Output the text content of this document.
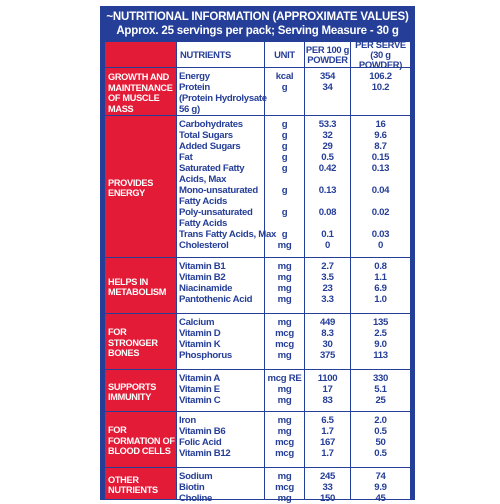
~NUTRITIONAL INFORMATION (APPROXIMATE VALUES)
Approx. 25 servings per pack; Serving Measure - 30 g
NUTRIENTS	UNIT	PER 100 g POWDER
PER SERVE (30 g POWDER)
GROWTH AND MAINTENANCE OF MUSCLE MASS
Energy
Protein
(Protein Hydrolysate
56 g)
kcal
g

354
34

106.2
10.2

PROVIDES ENERGY
Carbohydrates
Total Sugars
Added Sugars
Fat
Saturated Fatty
Acids, Max
Mono-unsaturated
Fatty Acids
Poly-unsaturated
Fatty Acids
Trans Fatty Acids, Max
Cholesterol
g
g
g
g
g

g

g

g
mg
53.3
32
29
0.5
0.42

0.13

0.08

0.1
0
16
9.6
8.7
0.15
0.13

0.04

0.02

0.03
0
HELPS IN METABOLISM
Vitamin B1
Vitamin B2
Niacinamide
Pantothenic Acid
mg
mg
mg
mg
2.7
3.5
23
3.3
0.8
1.1
6.9
1.0
FOR STRONGER BONES
Calcium
Vitamin D
Vitamin K
Phosphorus
mg
mcg
mcg
mg
449
8.3
30
375
135
2.5
9.0
113
SUPPORTS IMMUNITY
Vitamin A
Vitamin E
Vitamin C
mcg RE
mg
mg
1100
17
83
330
5.1
25
FOR FORMATION OF BLOOD CELLS
Iron
Vitamin B6
Folic Acid
Vitamin B12
mg
mg
mcg
mcg
6.5
1.7
167
1.7
2.0
0.5
50
0.5
OTHER NUTRIENTS
Sodium
Biotin
Choline
mg
mcg
mg
245
33
150
74
9.9
45
